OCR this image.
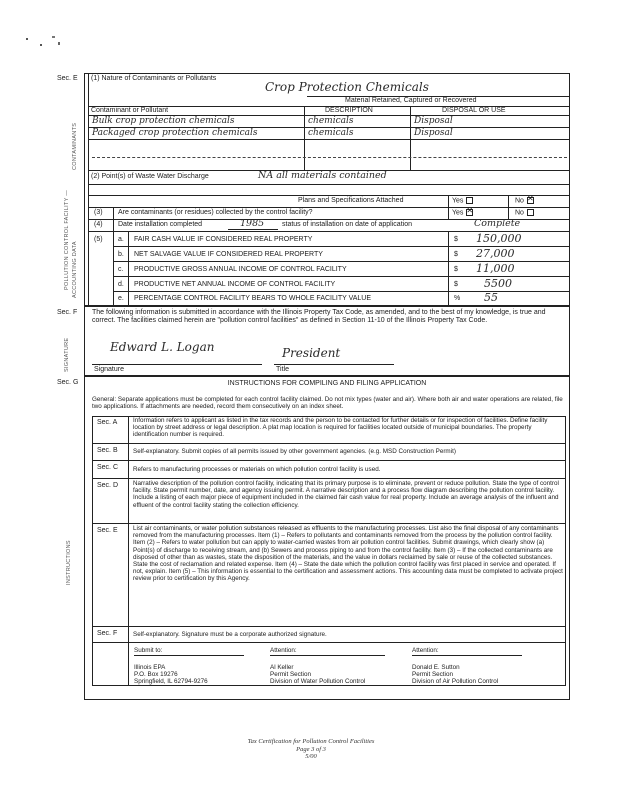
Sec. E
POLLUTION CONTROL FACILITY —
CONTAMINANTS
ACCOUNTING DATA
(1) Nature of Contaminants or Pollutants
Crop Protection Chemicals
Material Retained, Captured or Recovered
Contaminant or Pollutant	DESCRIPTION	DISPOSAL OR USE
Bulk crop protection chemicals	chemicals	Disposal
Packaged crop protection chemicals	chemicals	Disposal
(2) Point(s) of Waste Water Discharge	NA all materials contained
Plans and Specifications Attached	Yes	No✕
(3) Are contaminants (or residues) collected by the control facility?	Yes✕	No
(4) Date installation completed	1985	status of installation on date of application	Complete
(5) a. FAIR CASH VALUE IF CONSIDERED REAL PROPERTY	$ 150,000
b. NET SALVAGE VALUE IF CONSIDERED REAL PROPERTY	$ 27,000
c. PRODUCTIVE GROSS ANNUAL INCOME OF CONTROL FACILITY	$ 11,000
d. PRODUCTIVE NET ANNUAL INCOME OF CONTROL FACILITY	$ 5500
e. PERCENTAGE CONTROL FACILITY BEARS TO WHOLE FACILITY VALUE	% 55
Sec. F
SIGNATURE
The following information is submitted in accordance with the Illinois Property Tax Code, as amended, and to the best of my knowledge, is true and correct. The facilities claimed herein are "pollution control facilities" as defined in Section 11-10 of the Illinois Property Tax Code.
Edward L. Logan	President
Signature	Title
Sec. G
INSTRUCTIONS
INSTRUCTIONS FOR COMPILING AND FILING APPLICATION
General: Separate applications must be completed for each control facility claimed. Do not mix types (water and air). Where both air and water operations are related, file two applications. If attachments are needed, record them consecutively on an index sheet.
Sec. A	Information refers to applicant as listed in the tax records and the person to be contacted for further details or for inspection of facilities. Define facility location by street address or legal description. A plat map location is required for facilities located outside of municipal boundaries. The property identification number is required.
Sec. B Self-explanatory. Submit copies of all permits issued by other government agencies. (e.g. MSD Construction Permit)
Sec. C Refers to manufacturing processes or materials on which pollution control facility is used.
Sec. D Narrative description of the pollution control facility, indicating that its primary purpose is to eliminate, prevent or reduce pollution. State the type of control facility. State permit number, date, and agency issuing permit. A narrative description and a process flow diagram describing the pollution control facility. Include a listing of each major piece of equipment included in the claimed fair cash value for real property. Include an average analysis of the influent and effluent of the control facility stating the collection efficiency.
Sec. E List air contaminants, or water pollution substances released as effluents to the manufacturing processes. List also the final disposal of any contaminants removed from the manufacturing processes. Item (1) – Refers to pollutants and contaminants removed from the process by the pollution control facility. Item (2) – Refers to water pollution but can apply to water-carried wastes from air pollution control facilities. Submit drawings, which clearly show (a) Point(s) of discharge to receiving stream, and (b) Sewers and process piping to and from the control facility. Item (3) – If the collected contaminants are disposed of other than as wastes, state the disposition of the materials, and the value in dollars reclaimed by sale or reuse of the collected substances. State the cost of reclamation and related expense. Item (4) – State the date which the pollution control facility was first placed in service and operated. If not, explain. Item (5) – This information is essential to the certification and assessment actions. This accounting data must be completed to activate project review prior to certification by this Agency.
Sec. F	Self-explanatory. Signature must be a corporate authorized signature.
Submit to:	Attention:	Attention:
Illinois EPA
P.O. Box 19276
Springfield, IL 62794-9276
Al Keller
Permit Section
Division of Water Pollution Control
Donald E. Sutton
Permit Section
Division of Air Pollution Control
Tax Certification for Pollution Control Facilities
Page 3 of 3
5/00
